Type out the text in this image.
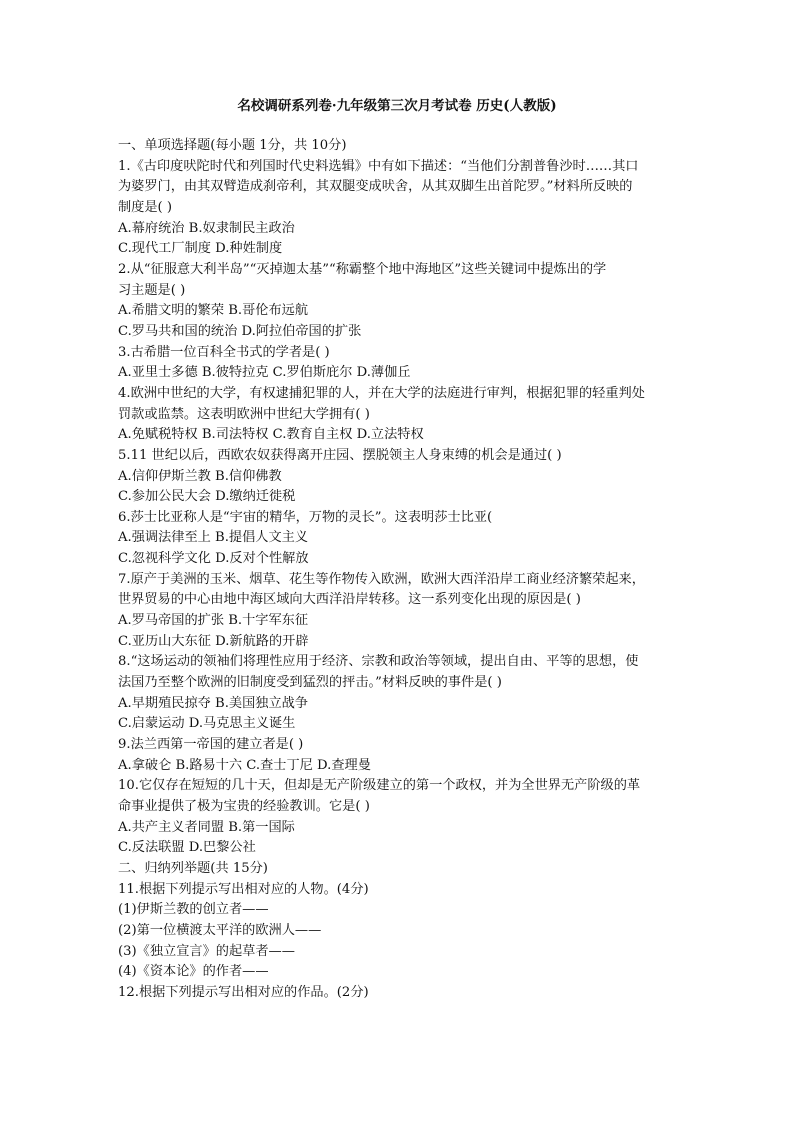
名校调研系列卷·九年级第三次月考试卷 历史(人教版)
一、单项选择题(每小题 1分，共 10分)
1.《古印度吠陀时代和列国时代史料选辑》中有如下描述：“当他们分割普鲁沙时……其口
为婆罗门，由其双臂造成刹帝利，其双腿变成吠舍，从其双脚生出首陀罗。”材料所反映的
制度是( )
A.幕府统治 B.奴隶制民主政治
C.现代工厂制度 D.种姓制度
2.从“征服意大利半岛”“灭掉迦太基”“称霸整个地中海地区”这些关键词中提炼出的学
习主题是( )
A.希腊文明的繁荣 B.哥伦布远航
C.罗马共和国的统治 D.阿拉伯帝国的扩张
3.古希腊一位百科全书式的学者是( )
A.亚里士多德 B.彼特拉克 C.罗伯斯庇尔 D.薄伽丘
4.欧洲中世纪的大学，有权逮捕犯罪的人，并在大学的法庭进行审判，根据犯罪的轻重判处
罚款或监禁。这表明欧洲中世纪大学拥有( )
A.免赋税特权 B.司法特权 C.教育自主权 D.立法特权
5.11 世纪以后，西欧农奴获得离开庄园、摆脱领主人身束缚的机会是通过( )
A.信仰伊斯兰教 B.信仰佛教
C.参加公民大会 D.缴纳迁徙税
6.莎士比亚称人是“宇宙的精华，万物的灵长”。这表明莎士比亚(
A.强调法律至上 B.提倡人文主义
C.忽视科学文化 D.反对个性解放
7.原产于美洲的玉米、烟草、花生等作物传入欧洲，欧洲大西洋沿岸工商业经济繁荣起来，
世界贸易的中心由地中海区域向大西洋沿岸转移。这一系列变化出现的原因是( )
A.罗马帝国的扩张 B.十字军东征
C.亚历山大东征 D.新航路的开辟
8.“这场运动的领袖们将理性应用于经济、宗教和政治等领域，提出自由、平等的思想，使
法国乃至整个欧洲的旧制度受到猛烈的抨击。”材料反映的事件是( )
A.早期殖民掠夺 B.美国独立战争
C.启蒙运动 D.马克思主义诞生
9.法兰西第一帝国的建立者是( )
A.拿破仑 B.路易十六 C.查士丁尼 D.查理曼
10.它仅存在短短的几十天，但却是无产阶级建立的第一个政权，并为全世界无产阶级的革
命事业提供了极为宝贵的经验教训。它是( )
A.共产主义者同盟 B.第一国际
C.反法联盟 D.巴黎公社
二、归纳列举题(共 15分)
11.根据下列提示写出相对应的人物。(4分)
(1)伊斯兰教的创立者——
(2)第一位横渡太平洋的欧洲人——
(3)《独立宣言》的起草者——
(4)《资本论》的作者——
12.根据下列提示写出相对应的作品。(2分)
